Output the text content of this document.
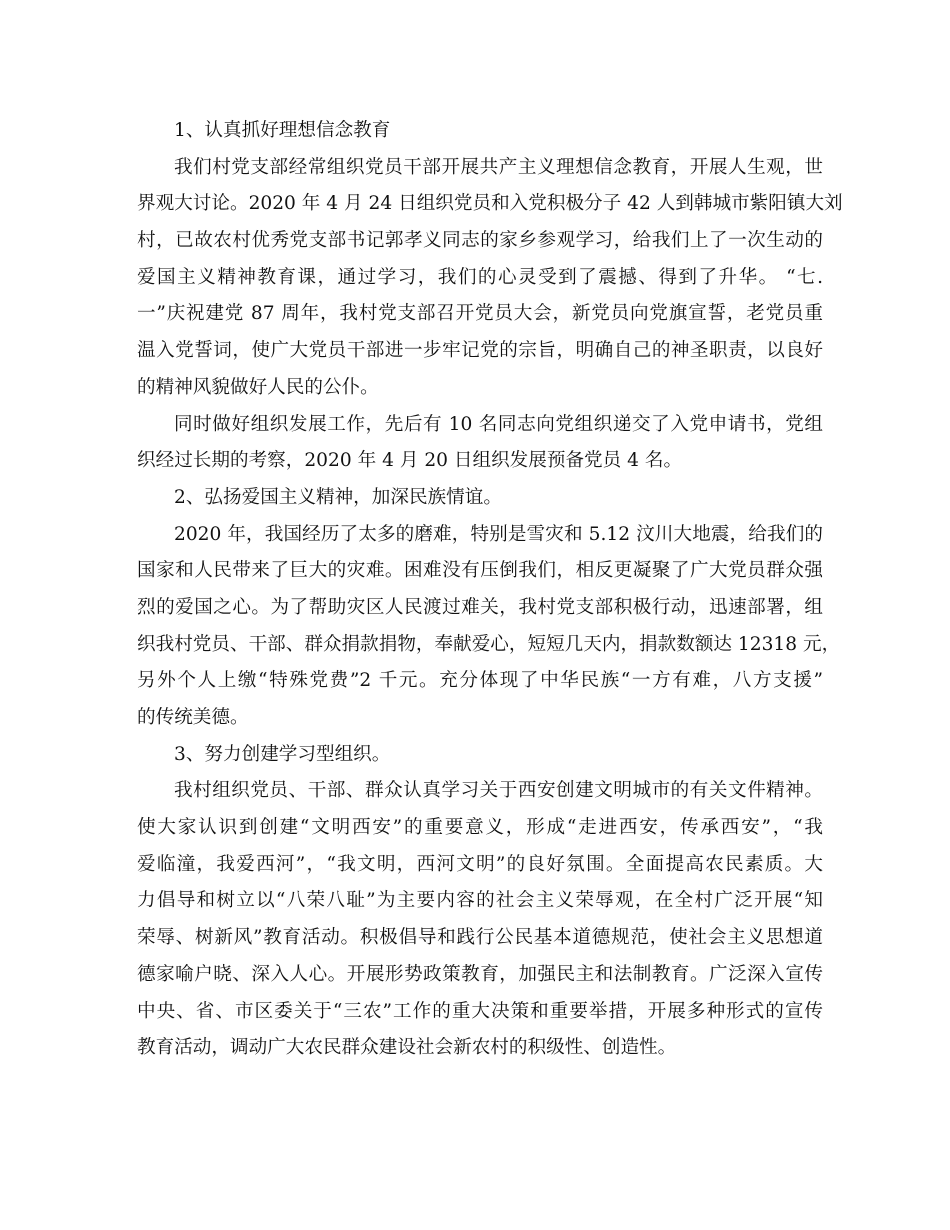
1、认真抓好理想信念教育
我们村党支部经常组织党员干部开展共产主义理想信念教育，开展人生观，世
界观大讨论。2020 年 4 月 24 日组织党员和入党积极分子 42 人到韩城市紫阳镇大刘
村，已故农村优秀党支部书记郭孝义同志的家乡参观学习，给我们上了一次生动的
爱国主义精神教育课，通过学习，我们的心灵受到了震撼、得到了升华。 “七.
一”庆祝建党 87 周年，我村党支部召开党员大会，新党员向党旗宣誓，老党员重
温入党誓词，使广大党员干部进一步牢记党的宗旨，明确自己的神圣职责，以良好
的精神风貌做好人民的公仆。
同时做好组织发展工作，先后有 10 名同志向党组织递交了入党申请书，党组
织经过长期的考察，2020 年 4 月 20 日组织发展预备党员 4 名。
2、弘扬爱国主义精神，加深民族情谊。
2020 年，我国经历了太多的磨难，特别是雪灾和 5.12 汶川大地震，给我们的
国家和人民带来了巨大的灾难。困难没有压倒我们，相反更凝聚了广大党员群众强
烈的爱国之心。为了帮助灾区人民渡过难关，我村党支部积极行动，迅速部署，组
织我村党员、干部、群众捐款捐物，奉献爱心，短短几天内，捐款数额达 12318 元，
另外个人上缴“特殊党费”2 千元。充分体现了中华民族“一方有难，八方支援”
的传统美德。
3、努力创建学习型组织。
我村组织党员、干部、群众认真学习关于西安创建文明城市的有关文件精神。
使大家认识到创建“文明西安”的重要意义，形成“走进西安，传承西安”，“我
爱临潼，我爱西河”，“我文明，西河文明”的良好氛围。全面提高农民素质。大
力倡导和树立以“八荣八耻”为主要内容的社会主义荣辱观，在全村广泛开展“知
荣辱、树新风”教育活动。积极倡导和践行公民基本道德规范，使社会主义思想道
德家喻户晓、深入人心。开展形势政策教育，加强民主和法制教育。广泛深入宣传
中央、省、市区委关于“三农”工作的重大决策和重要举措，开展多种形式的宣传
教育活动，调动广大农民群众建设社会新农村的积级性、创造性。
